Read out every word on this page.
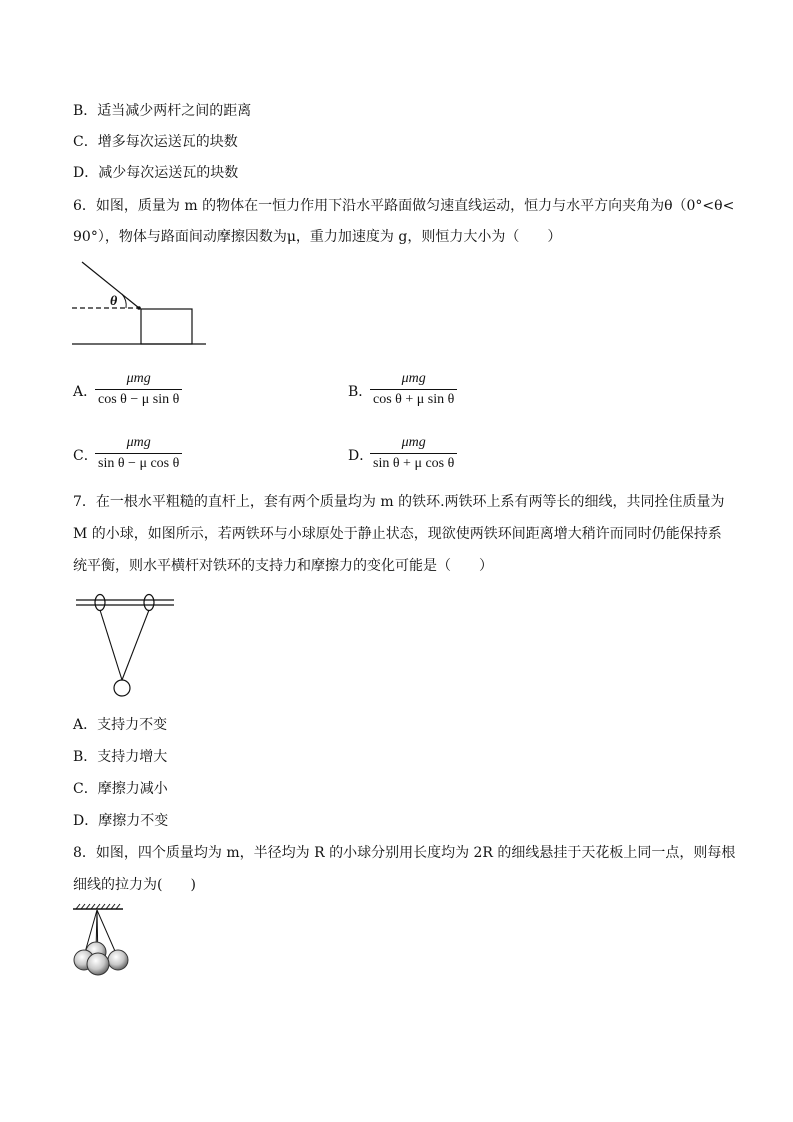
B．适当减少两杆之间的距离
C．增多每次运送瓦的块数
D．减少每次运送瓦的块数
6．如图，质量为 m 的物体在一恒力作用下沿水平路面做匀速直线运动，恒力与水平方向夹角为θ（0°<θ<
90°），物体与路面间动摩擦因数为μ，重力加速度为 g，则恒力大小为（　　）
θ
A．
μmg
cos θ − μ sin θ	B．
μmg
cos θ + μ sin θ
C．
μmg
sin θ − μ cos θ	D．
μmg
sin θ + μ cos θ
7．在一根水平粗糙的直杆上，套有两个质量均为 m 的铁环.两铁环上系有两等长的细线，共同拴住质量为
M 的小球，如图所示，若两铁环与小球原处于静止状态，现欲使两铁环间距离增大稍许而同时仍能保持系
统平衡，则水平横杆对铁环的支持力和摩擦力的变化可能是（　　）
A．支持力不变
B．支持力增大
C．摩擦力减小
D．摩擦力不变
8．如图，四个质量均为 m，半径均为 R 的小球分别用长度均为 2R 的细线悬挂于天花板上同一点，则每根
细线的拉力为(　　)
